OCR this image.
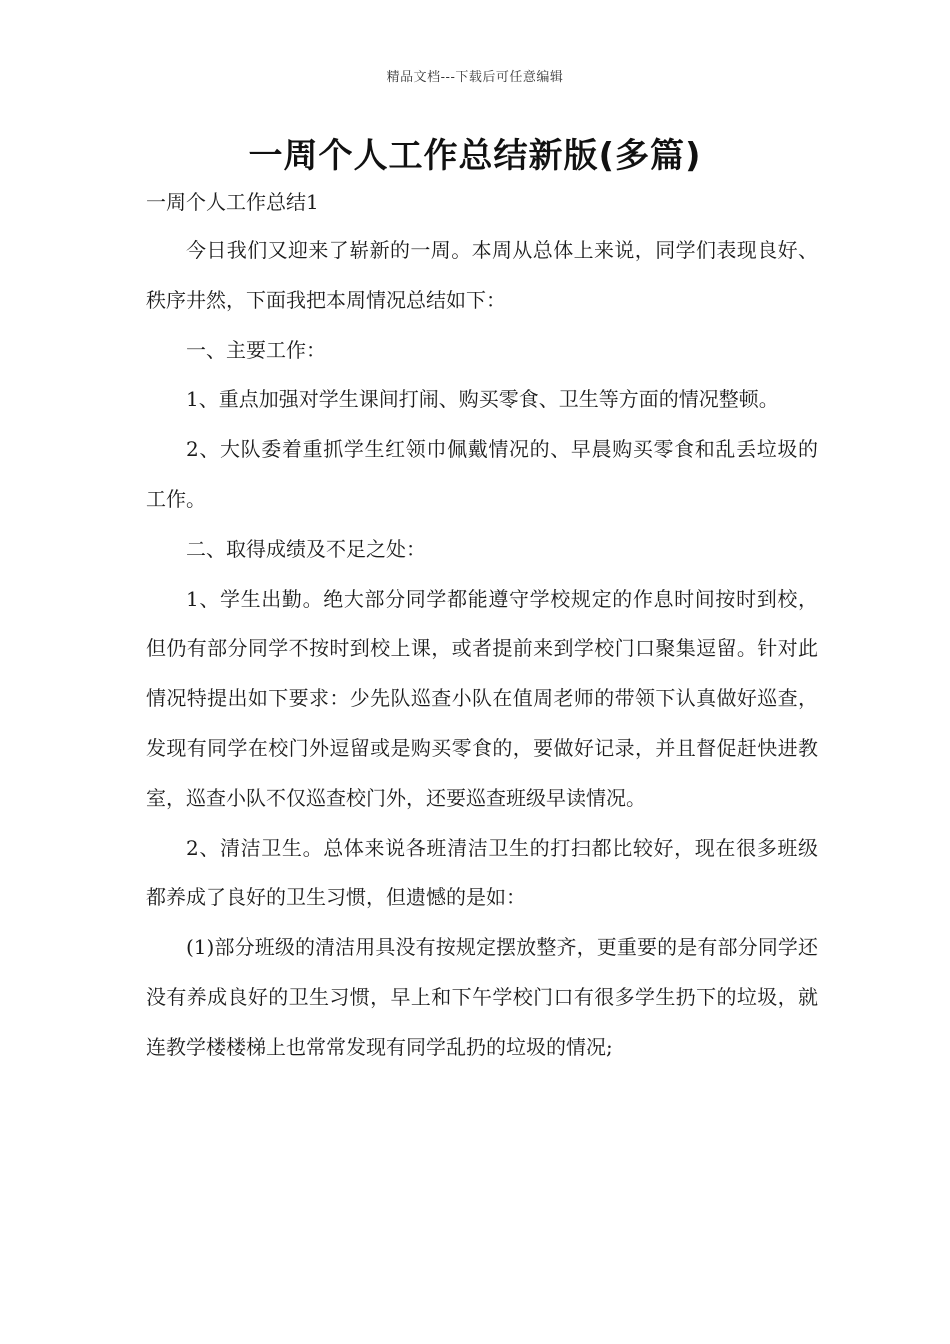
精品文档---下载后可任意编辑
一周个人工作总结新版(多篇)
一周个人工作总结1

今日我们又迎来了崭新的一周。本周从总体上来说，同学们表现良好、秩序井然，下面我把本周情况总结如下：

一、主要工作：

1、重点加强对学生课间打闹、购买零食、卫生等方面的情况整顿。

2、大队委着重抓学生红领巾佩戴情况的、早晨购买零食和乱丢垃圾的工作。

二、取得成绩及不足之处：

1、学生出勤。绝大部分同学都能遵守学校规定的作息时间按时到校，但仍有部分同学不按时到校上课，或者提前来到学校门口聚集逗留。针对此情况特提出如下要求：少先队巡查小队在值周老师的带领下认真做好巡查，发现有同学在校门外逗留或是购买零食的，要做好记录，并且督促赶快进教室，巡查小队不仅巡查校门外，还要巡查班级早读情况。

2、清洁卫生。总体来说各班清洁卫生的打扫都比较好，现在很多班级都养成了良好的卫生习惯，但遗憾的是如：

(1)部分班级的清洁用具没有按规定摆放整齐，更重要的是有部分同学还没有养成良好的卫生习惯，早上和下午学校门口有很多学生扔下的垃圾，就连教学楼楼梯上也常常发现有同学乱扔的垃圾的情况;
